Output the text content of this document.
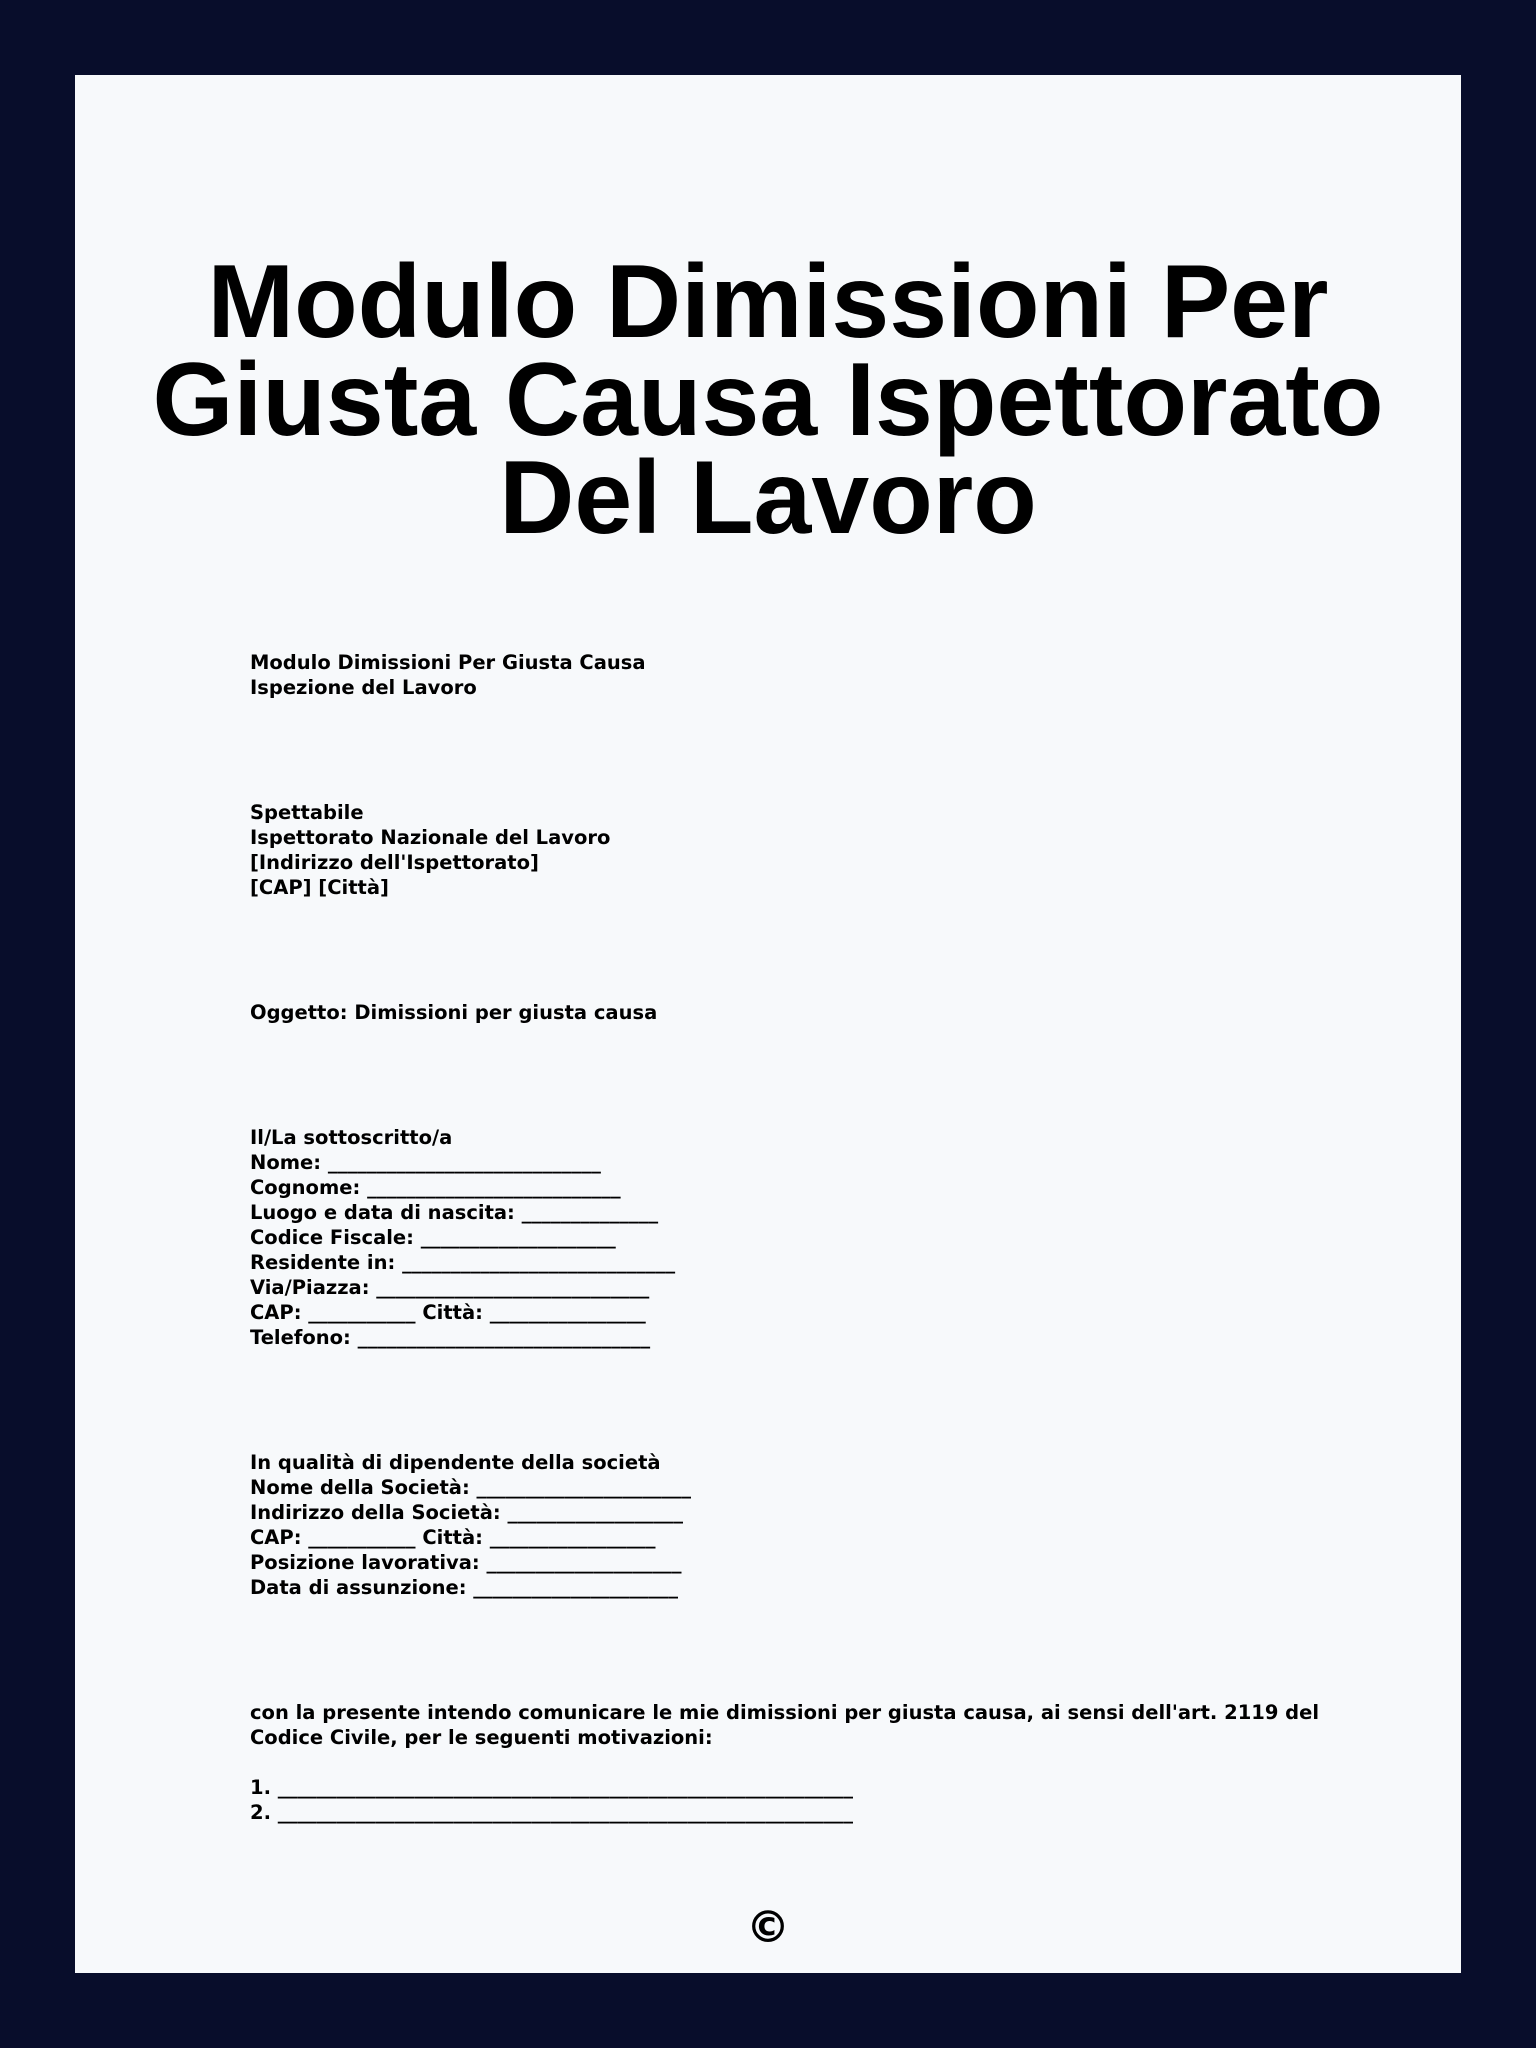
Modulo Dimissioni Per Giusta Causa Ispettorato Del Lavoro
Modulo Dimissioni Per Giusta Causa
Ispezione del Lavoro
Spettabile
Ispettorato Nazionale del Lavoro
[Indirizzo dell'Ispettorato]
[CAP] [Città]
Oggetto: Dimissioni per giusta causa
Il/La sottoscritto/a
Nome: ____________________________
Cognome: __________________________
Luogo e data di nascita: ______________
Codice Fiscale: ____________________
Residente in: ____________________________
Via/Piazza: ____________________________
CAP: ___________ Città: ________________
Telefono: ______________________________
In qualità di dipendente della società
Nome della Società: ______________________
Indirizzo della Società: __________________
CAP: ___________ Città: _________________
Posizione lavorativa: ____________________
Data di assunzione: _____________________
con la presente intendo comunicare le mie dimissioni per giusta causa, ai sensi dell'art. 2119 del Codice Civile, per le seguenti motivazioni:
1. ___________________________________________________________
2. ___________________________________________________________
©
